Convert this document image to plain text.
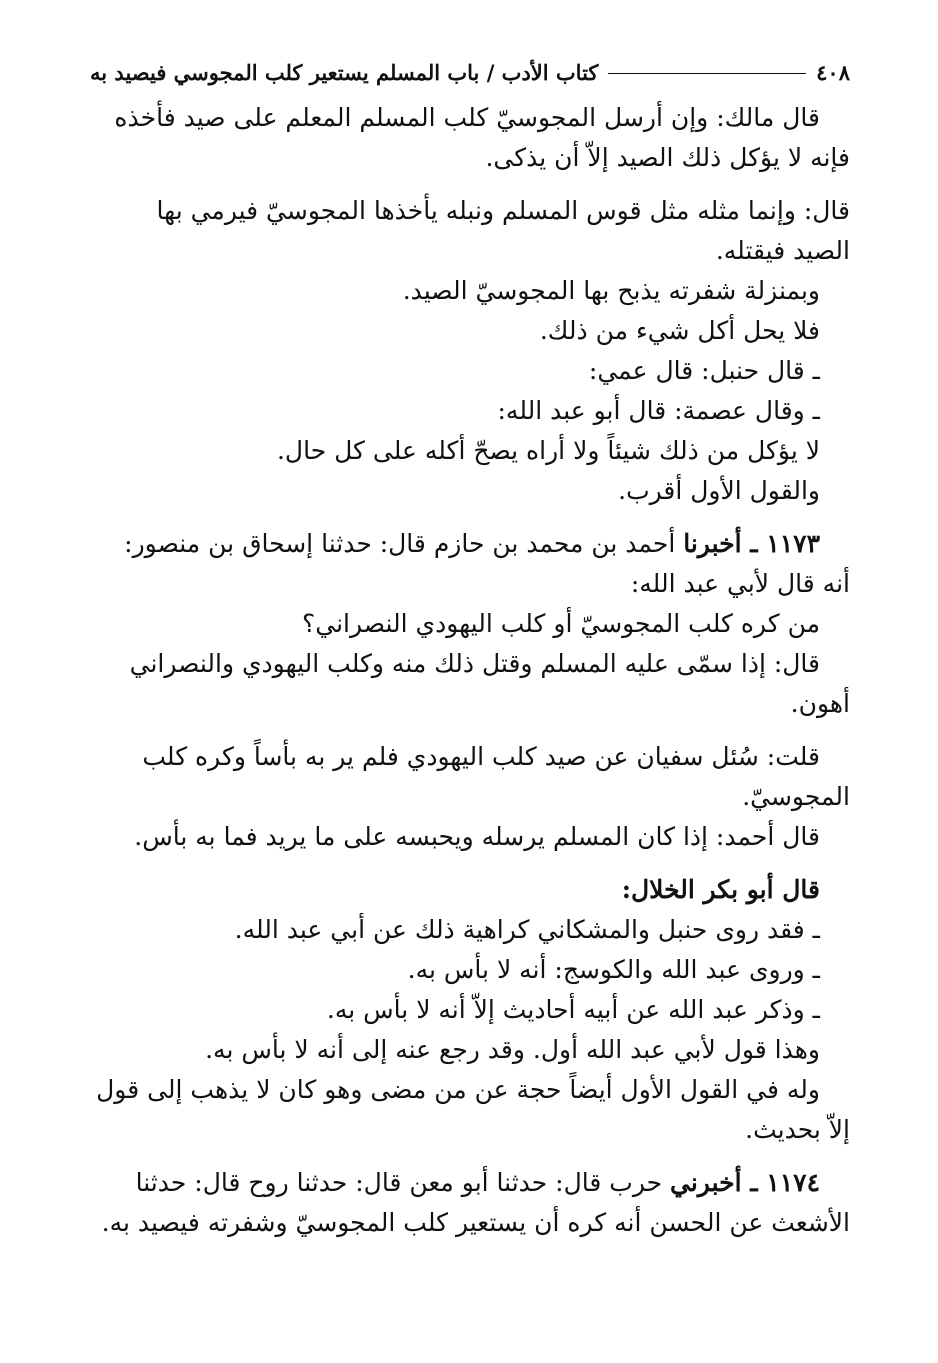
٤٠٨
كتاب الأدب / باب المسلم يستعير كلب المجوسي فيصيد به
قال مالك: وإن أرسل المجوسيّ كلب المسلم المعلم على صيد فأخذه
فإنه لا يؤكل ذلك الصيد إلاّ أن يذكى.
قال: وإنما مثله مثل قوس المسلم ونبله يأخذها المجوسيّ فيرمي بها
الصيد فيقتله.
وبمنزلة شفرته يذبح بها المجوسيّ الصيد.
فلا يحل أكل شيء من ذلك.
ـ قال حنبل: قال عمي:
ـ وقال عصمة: قال أبو عبد الله:
لا يؤكل من ذلك شيئاً ولا أراه يصحّ أكله على كل حال.
والقول الأول أقرب.
١١٧٣ ـ أخبرنا أحمد بن محمد بن حازم قال: حدثنا إسحاق بن منصور:
أنه قال لأبي عبد الله:
من كره كلب المجوسيّ أو كلب اليهودي النصراني؟
قال: إذا سمّى عليه المسلم وقتل ذلك منه وكلب اليهودي والنصراني
أهون.
قلت: سُئل سفيان عن صيد كلب اليهودي فلم ير به بأساً وكره كلب
المجوسيّ.
قال أحمد: إذا كان المسلم يرسله ويحبسه على ما يريد فما به بأس.
قال أبو بكر الخلال:
ـ فقد روى حنبل والمشكاني كراهية ذلك عن أبي عبد الله.
ـ وروى عبد الله والكوسج: أنه لا بأس به.
ـ وذكر عبد الله عن أبيه أحاديث إلاّ أنه لا بأس به.
وهذا قول لأبي عبد الله أول. وقد رجع عنه إلى أنه لا بأس به.
وله في القول الأول أيضاً حجة عن من مضى وهو كان لا يذهب إلى قول
إلاّ بحديث.
١١٧٤ ـ أخبرني حرب قال: حدثنا أبو معن قال: حدثنا روح قال: حدثنا
الأشعث عن الحسن أنه كره أن يستعير كلب المجوسيّ وشفرته فيصيد به.
